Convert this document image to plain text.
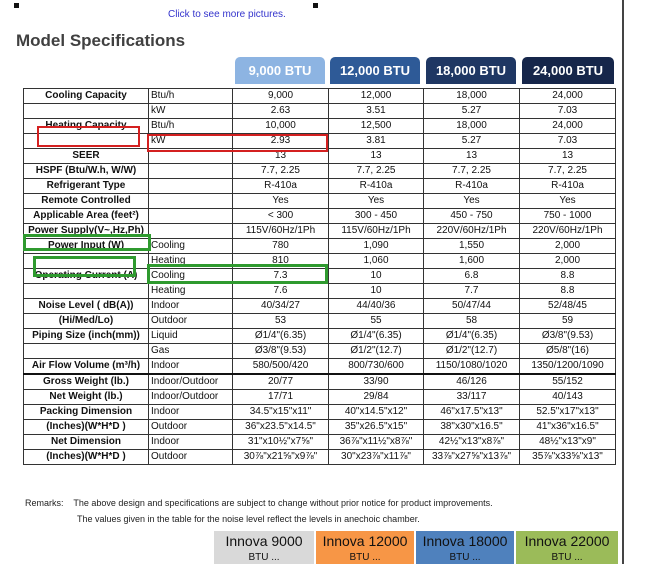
Click to see more pictures.
Model Specifications
9,000 BTU	12,000 BTU	18,000 BTU	24,000 BTU
Cooling Capacity	Btu/h	9,000	12,000	18,000	24,000
	kW	2.63	3.51	5.27	7.03
Heating Capacity	Btu/h	10,000	12,500	18,000	24,000
	kW	2.93	3.81	5.27	7.03
SEER		13	13	13	13
HSPF (Btu/W.h, W/W)		7.7, 2.25	7.7, 2.25	7.7, 2.25	7.7, 2.25
Refrigerant Type		R-410a	R-410a	R-410a	R-410a
Remote Controlled		Yes	Yes	Yes	Yes
Applicable Area (feet²)		< 300	300 - 450	450 - 750	750 - 1000
Power Supply(V~,Hz,Ph)		115V/60Hz/1Ph	115V/60Hz/1Ph	220V/60Hz/1Ph	220V/60Hz/1Ph
Power Input (W)	Cooling	780	1,090	1,550	2,000
	Heating	810	1,060	1,600	2,000
Operating Current (A)	Cooling	7.3	10	6.8	8.8
	Heating	7.6	10	7.7	8.8
Noise Level ( dB(A))	Indoor	40/34/27	44/40/36	50/47/44	52/48/45
(Hi/Med/Lo)	Outdoor	53	55	58	59
Piping Size (inch(mm))	Liquid	Ø1/4"(6.35)	Ø1/4"(6.35)	Ø1/4"(6.35)	Ø3/8"(9.53)
	Gas	Ø3/8"(9.53)	Ø1/2"(12.7)	Ø1/2"(12.7)	Ø5/8"(16)
Air Flow Volume (m³/h)	Indoor	580/500/420	800/730/600	1150/1080/1020	1350/1200/1090
Gross Weight (lb.)	Indoor/Outdoor	20/77	33/90	46/126	55/152
Net Weight (lb.)	Indoor/Outdoor	17/71	29/84	33/117	40/143
Packing Dimension	Indoor	34.5"x15"x11"	40"x14.5"x12"	46"x17.5"x13"	52.5"x17"x13"
(Inches)(W*H*D )	Outdoor	36"x23.5"x14.5"	35"x26.5"x15"	38"x30"x16.5"	41"x36"x16.5"
Net Dimension	Indoor	31"x10½"x7⅝"	36⅞"x11½"x8⅞"	42½"x13"x8⅞"	48½"x13"x9"
(Inches)(W*H*D )	Outdoor	30⅞"x21⅝"x9⅞"	30"x23⅞"x11⅞"	33⅞"x27⅝"x13⅞"	35⅞"x33⅝"x13"
Remarks: The above design and specifications are subject to change without prior notice for product improvements.
The values given in the table for the noise level reflect the levels in anechoic chamber.
Innova 9000
BTU ...
Innova 12000
BTU ...
Innova 18000
BTU ...
Innova 22000
BTU ...
